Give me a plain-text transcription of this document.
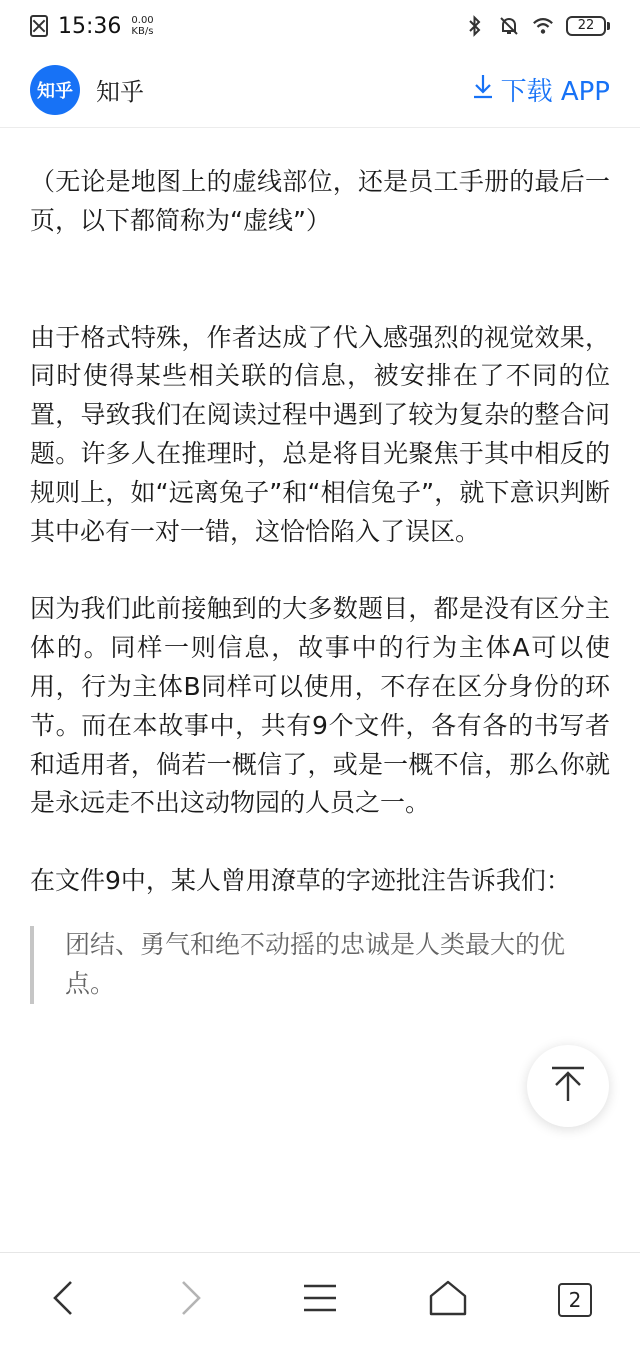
15:36 0.00
KB/s	22
知乎 知乎	下载 APP

（无论是地图上的虚线部位，还是员工手册的最后一页，以下都简称为“虚线”）

由于格式特殊，作者达成了代入感强烈的视觉效果，同时使得某些相关联的信息，被安排在了不同的位置，导致我们在阅读过程中遇到了较为复杂的整合问题。许多人在推理时，总是将目光聚焦于其中相反的规则上，如“远离兔子”和“相信兔子”，就下意识判断其中必有一对一错，这恰恰陷入了误区。

因为我们此前接触到的大多数题目，都是没有区分主体的。同样一则信息，故事中的行为主体A可以使用，行为主体B同样可以使用，不存在区分身份的环节。而在本故事中，共有9个文件，各有各的书写者和适用者，倘若一概信了，或是一概不信，那么你就是永远走不出这动物园的人员之一。

在文件9中，某人曾用潦草的字迹批注告诉我们：

团结、勇气和绝不动摇的忠诚是人类最大的优点。

2
